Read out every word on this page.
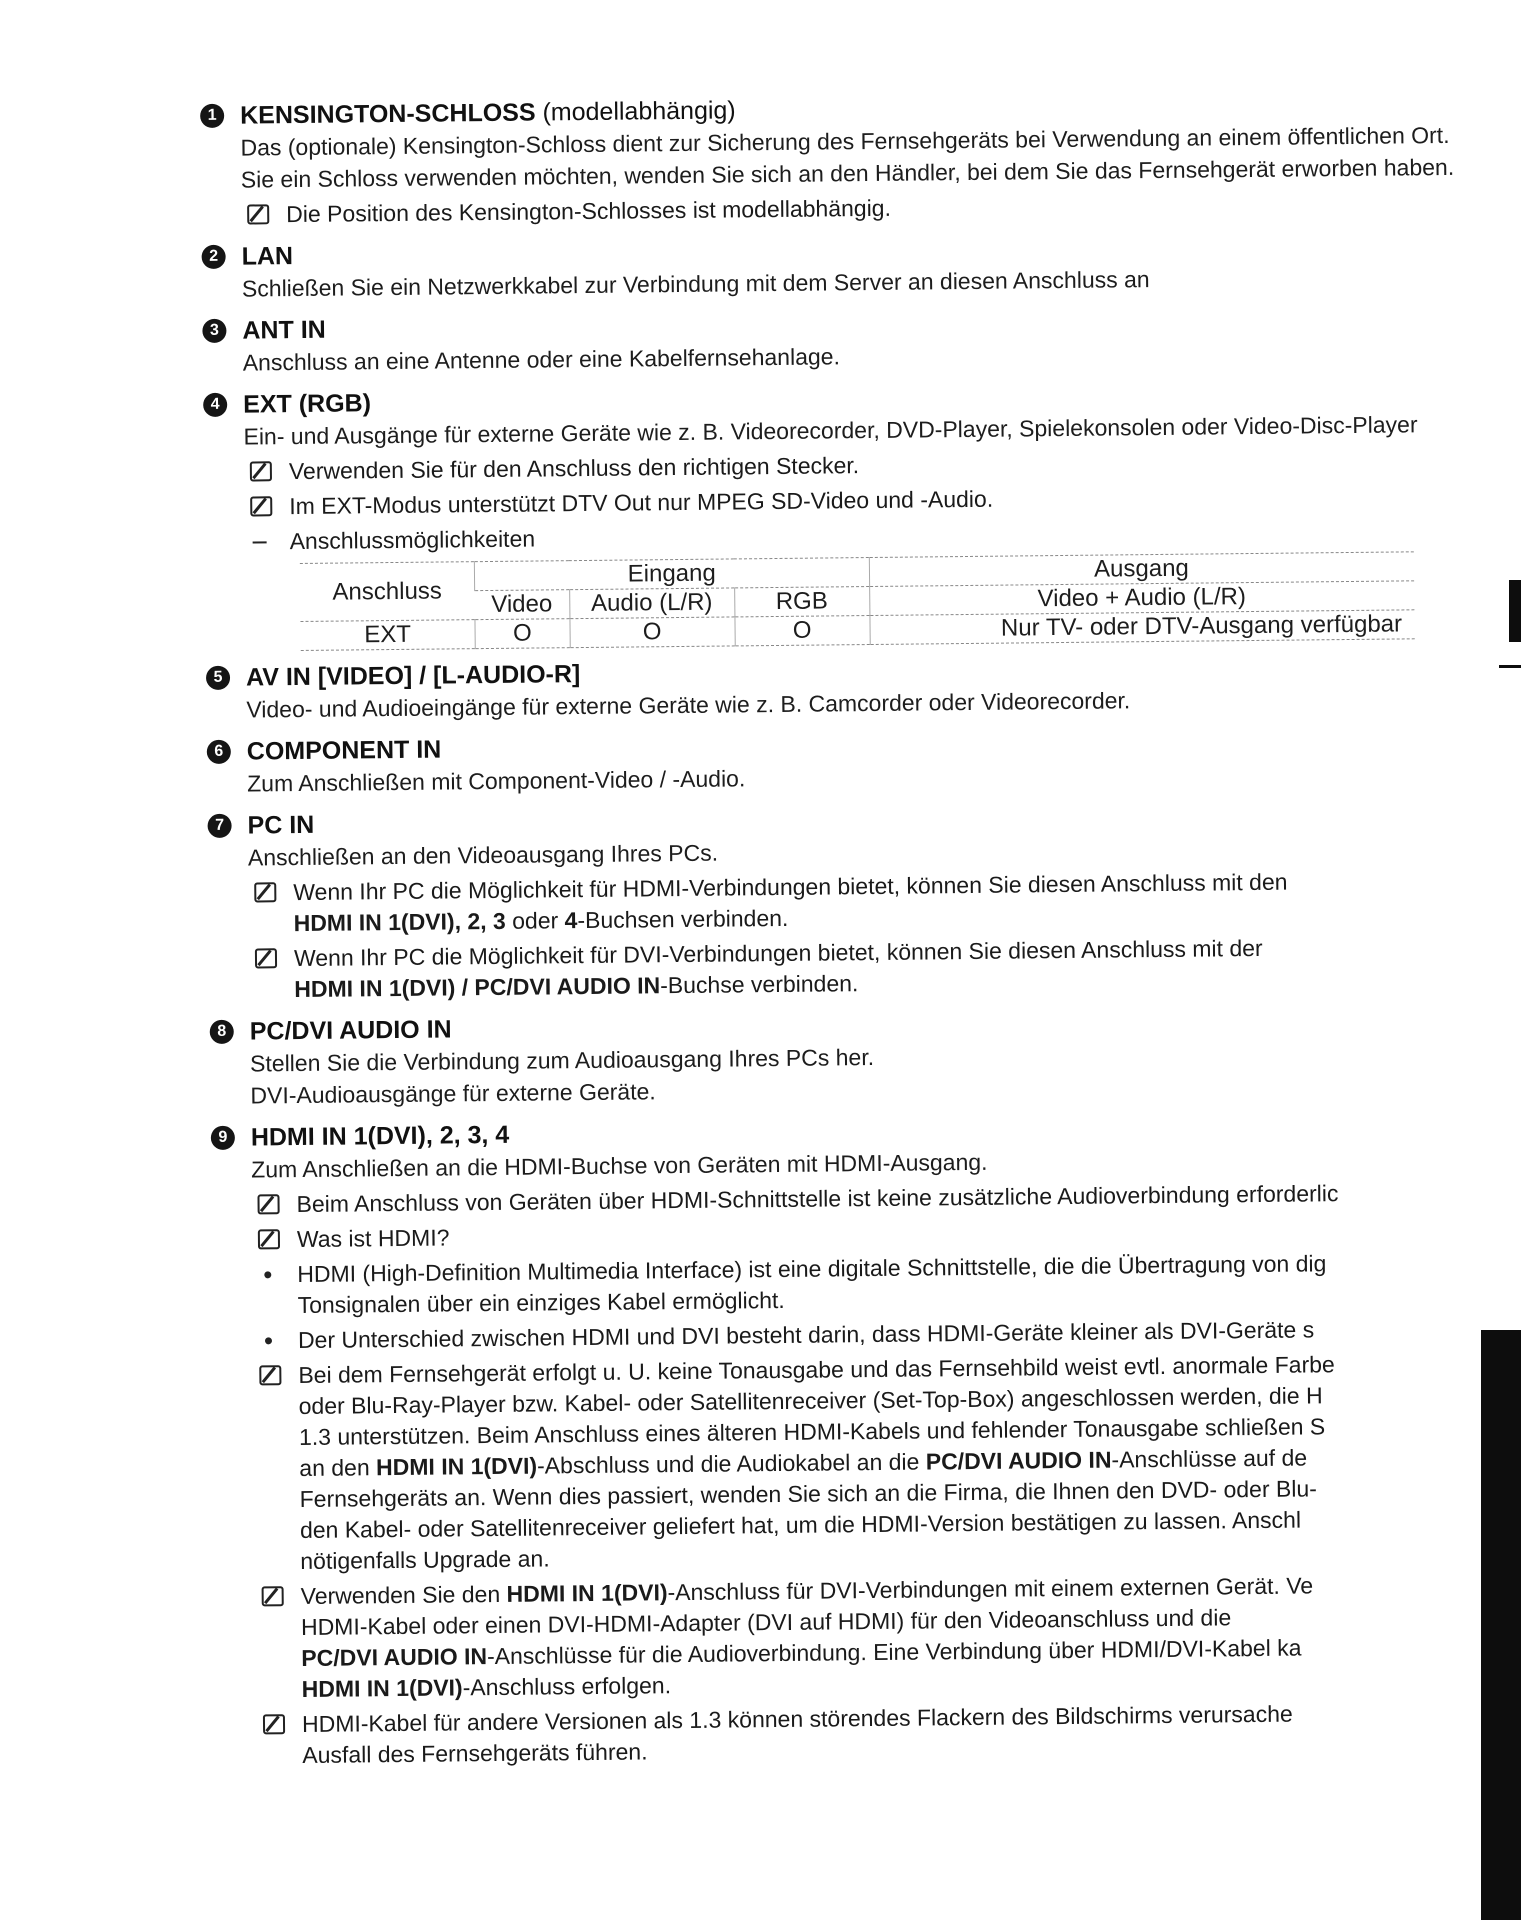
1 KENSINGTON-SCHLOSS (modellabhängig)
Das (optionale) Kensington-Schloss dient zur Sicherung des Fernsehgeräts bei Verwendung an einem öffentlichen Ort.
Sie ein Schloss verwenden möchten, wenden Sie sich an den Händler, bei dem Sie das Fernsehgerät erworben haben.
Die Position des Kensington-Schlosses ist modellabhängig.
2 LAN
Schließen Sie ein Netzwerkkabel zur Verbindung mit dem Server an diesen Anschluss an
3 ANT IN
Anschluss an eine Antenne oder eine Kabelfernsehanlage.
4 EXT (RGB)
Ein- und Ausgänge für externe Geräte wie z. B. Videorecorder, DVD-Player, Spielekonsolen oder Video-Disc-Player
Verwenden Sie für den Anschluss den richtigen Stecker.
Im EXT-Modus unterstützt DTV Out nur MPEG SD-Video und -Audio.
Anschlussmöglichkeiten
Anschluss	Eingang			Ausgang
	Video	Audio (L/R)	RGB	Video + Audio (L/R)
EXT	O	O	O	Nur TV- oder DTV-Ausgang verfügbar
5 AV IN [VIDEO] / [L-AUDIO-R]
Video- und Audioeingänge für externe Geräte wie z. B. Camcorder oder Videorecorder.
6 COMPONENT IN
Zum Anschließen mit Component-Video / -Audio.
7 PC IN
Anschließen an den Videoausgang Ihres PCs.
Wenn Ihr PC die Möglichkeit für HDMI-Verbindungen bietet, können Sie diesen Anschluss mit den
HDMI IN 1(DVI), 2, 3 oder 4-Buchsen verbinden.
Wenn Ihr PC die Möglichkeit für DVI-Verbindungen bietet, können Sie diesen Anschluss mit der
HDMI IN 1(DVI) / PC/DVI AUDIO IN-Buchse verbinden.
8 PC/DVI AUDIO IN
Stellen Sie die Verbindung zum Audioausgang Ihres PCs her.
DVI-Audioausgänge für externe Geräte.
9 HDMI IN 1(DVI), 2, 3, 4
Zum Anschließen an die HDMI-Buchse von Geräten mit HDMI-Ausgang.
Beim Anschluss von Geräten über HDMI-Schnittstelle ist keine zusätzliche Audioverbindung erforderlic
Was ist HDMI?
HDMI (High-Definition Multimedia Interface) ist eine digitale Schnittstelle, die die Übertragung von dig
Tonsignalen über ein einziges Kabel ermöglicht.
Der Unterschied zwischen HDMI und DVI besteht darin, dass HDMI-Geräte kleiner als DVI-Geräte s
Bei dem Fernsehgerät erfolgt u. U. keine Tonausgabe und das Fernsehbild weist evtl. anormale Farbe
oder Blu-Ray-Player bzw. Kabel- oder Satellitenreceiver (Set-Top-Box) angeschlossen werden, die H
1.3 unterstützen. Beim Anschluss eines älteren HDMI-Kabels und fehlender Tonausgabe schließen S
an den HDMI IN 1(DVI)-Abschluss und die Audiokabel an die PC/DVI AUDIO IN-Anschlüsse auf de
Fernsehgeräts an. Wenn dies passiert, wenden Sie sich an die Firma, die Ihnen den DVD- oder Blu-
den Kabel- oder Satellitenreceiver geliefert hat, um die HDMI-Version bestätigen zu lassen. Anschl
nötigenfalls Upgrade an.
Verwenden Sie den HDMI IN 1(DVI)-Anschluss für DVI-Verbindungen mit einem externen Gerät. Ve
HDMI-Kabel oder einen DVI-HDMI-Adapter (DVI auf HDMI) für den Videoanschluss und die
PC/DVI AUDIO IN-Anschlüsse für die Audioverbindung. Eine Verbindung über HDMI/DVI-Kabel ka
HDMI IN 1(DVI)-Anschluss erfolgen.
HDMI-Kabel für andere Versionen als 1.3 können störendes Flackern des Bildschirms verursache
Ausfall des Fernsehgeräts führen.
